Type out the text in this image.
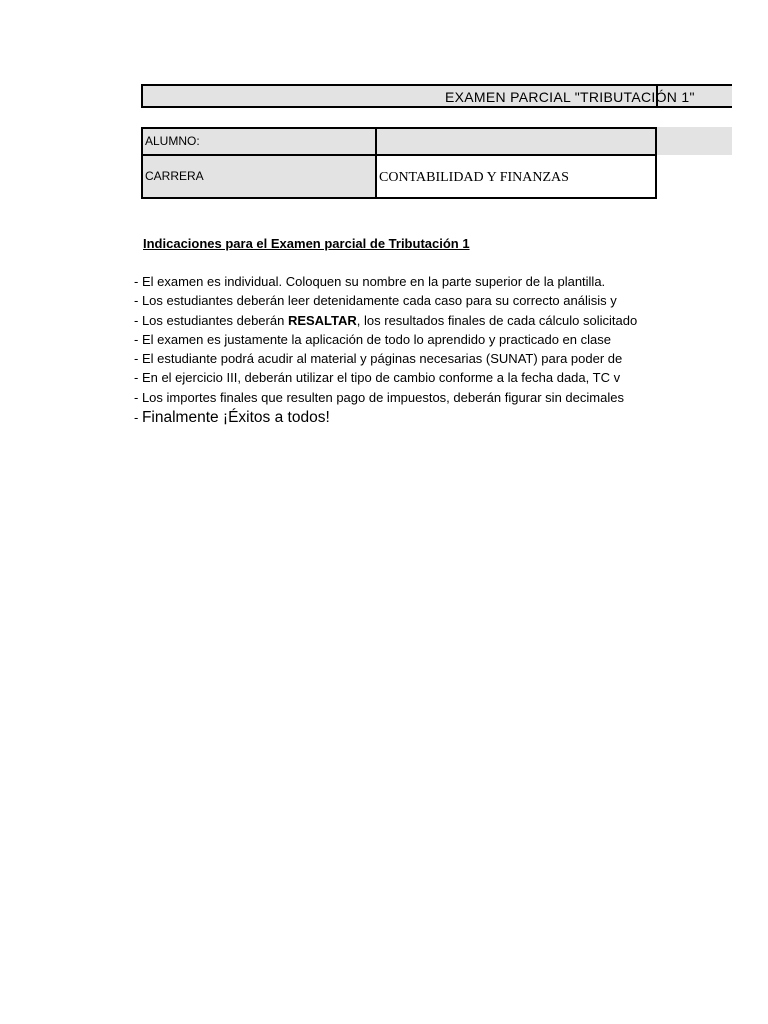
EXAMEN PARCIAL "TRIBUTACIÓN 1"
ALUMNO:	
CARRERA	CONTABILIDAD Y FINANZAS
Indicaciones para el Examen parcial de Tributación 1
- El examen es individual. Coloquen su nombre en la parte superior de la plantilla.
- Los estudiantes deberán leer detenidamente cada caso para su correcto análisis y
- Los estudiantes deberán RESALTAR, los resultados finales de cada cálculo solicitado
- El examen es justamente la aplicación de todo lo aprendido y practicado en clase
- El estudiante podrá acudir al material y páginas necesarias (SUNAT) para poder de
- En el ejercicio III, deberán utilizar el tipo de cambio conforme a la fecha dada, TC v
- Los importes finales que resulten pago de impuestos, deberán figurar sin decimales
- Finalmente ¡Éxitos a todos!
